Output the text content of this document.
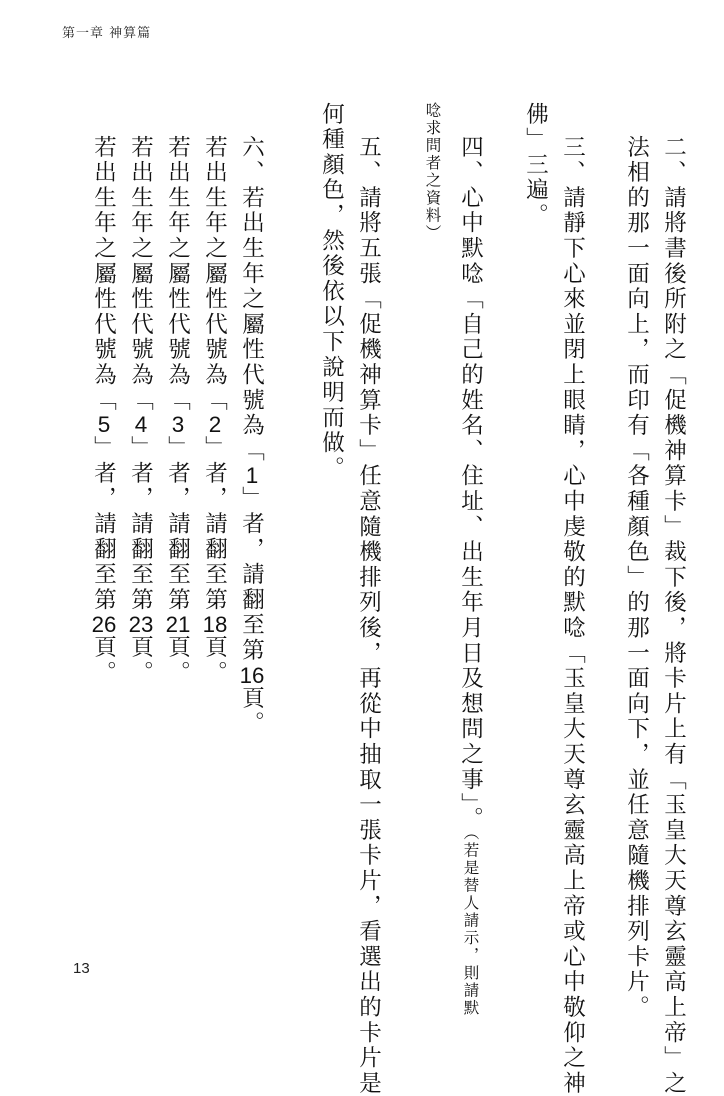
第一章 神算篇
二、請將書後所附之「促機神算卡」裁下後，將卡片上有「玉皇大天尊玄靈高上帝」之
法相的那一面向上，而印有「各種顏色」的那一面向下，並任意隨機排列卡片。
三、請靜下心來並閉上眼睛，心中虔敬的默唸「玉皇大天尊玄靈高上帝或心中敬仰之神
佛」三遍。
四、心中默唸「自己的姓名、住址、出生年月日及想問之事」。（若是替人請示，則請默
唸求問者之資料）
五、請將五張「促機神算卡」任意隨機排列後，再從中抽取一張卡片，看選出的卡片是
何種顏色，然後依以下說明而做。
六、若出生年之屬性代號為「1」者，請翻至第16頁。
若出生年之屬性代號為「2」者，請翻至第18頁。
若出生年之屬性代號為「3」者，請翻至第21頁。
若出生年之屬性代號為「4」者，請翻至第23頁。
若出生年之屬性代號為「5」者，請翻至第26頁。
13
